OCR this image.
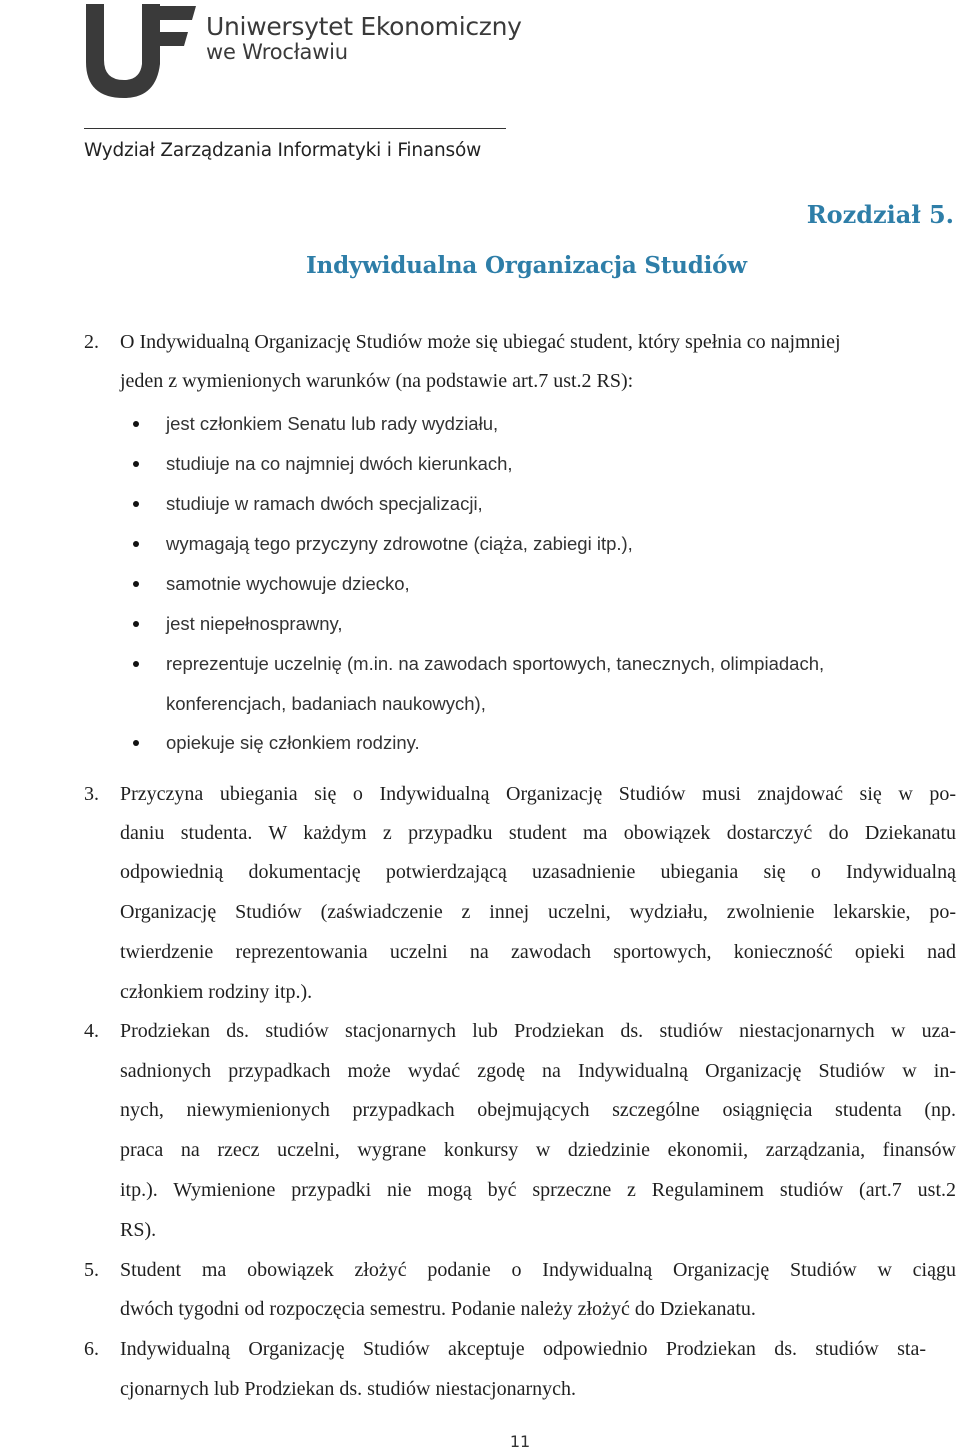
Uniwersytet Ekonomiczny
we Wrocławiu
Wydział Zarządzania Informatyki i Finansów
Rozdział 5.
Indywidualna Organizacja Studiów
2. O Indywidualną Organizację Studiów może się ubiegać student, który spełnia co najmniej
jeden z wymienionych warunków (na podstawie art.7 ust.2 RS):
jest członkiem Senatu lub rady wydziału,
studiuje na co najmniej dwóch kierunkach,
studiuje w ramach dwóch specjalizacji,
wymagają tego przyczyny zdrowotne (ciąża, zabiegi itp.),
samotnie wychowuje dziecko,
jest niepełnosprawny,
reprezentuje uczelnię (m.in. na zawodach sportowych, tanecznych, olimpiadach,
konferencjach, badaniach naukowych),
opiekuje się członkiem rodziny.
3. Przyczyna ubiegania się o Indywidualną Organizację Studiów musi znajdować się w po-
daniu studenta. W każdym z przypadku student ma obowiązek dostarczyć do Dziekanatu
odpowiednią dokumentację potwierdzającą uzasadnienie ubiegania się o Indywidualną
Organizację Studiów (zaświadczenie z innej uczelni, wydziału, zwolnienie lekarskie, po-
twierdzenie reprezentowania uczelni na zawodach sportowych, konieczność opieki nad
członkiem rodziny itp.).
4. Prodziekan ds. studiów stacjonarnych lub Prodziekan ds. studiów niestacjonarnych w uza-
sadnionych przypadkach może wydać zgodę na Indywidualną Organizację Studiów w in-
nych, niewymienionych przypadkach obejmujących szczególne osiągnięcia studenta (np.
praca na rzecz uczelni, wygrane konkursy w dziedzinie ekonomii, zarządzania, finansów
itp.). Wymienione przypadki nie mogą być sprzeczne z Regulaminem studiów (art.7 ust.2
RS).
5. Student ma obowiązek złożyć podanie o Indywidualną Organizację Studiów w ciągu
dwóch tygodni od rozpoczęcia semestru. Podanie należy złożyć do Dziekanatu.
6. Indywidualną Organizację Studiów akceptuje odpowiednio Prodziekan ds. studiów sta-
cjonarnych lub Prodziekan ds. studiów niestacjonarnych.
11
